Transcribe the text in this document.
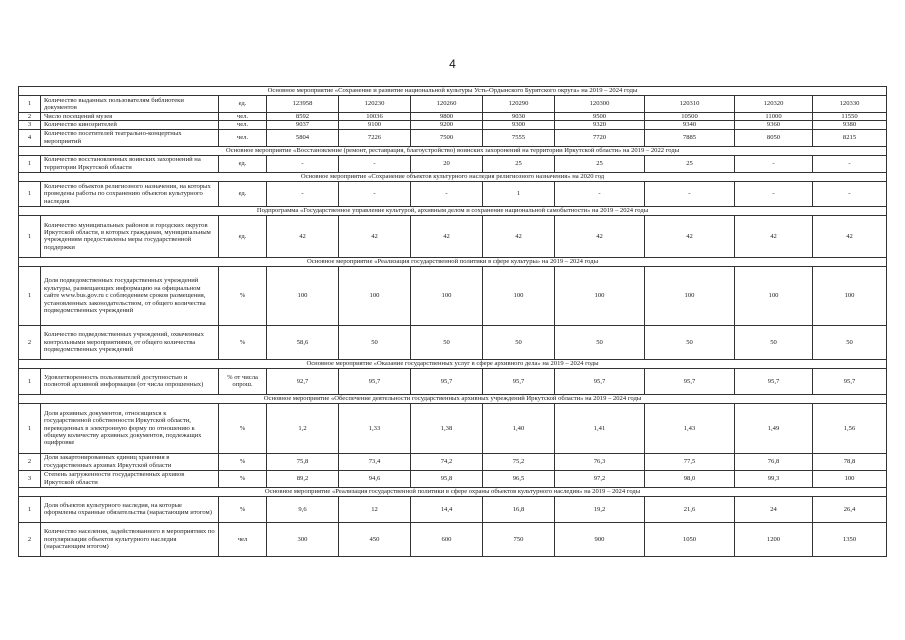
4
Основное мероприятие «Сохранение и развитие национальной культуры Усть-Ордынского Бурятского округа» на 2019 – 2024 годы										
1	Количество выданных пользователям библиотеки документов	ед.	123958	120230	120260	120290	120300	120310	120320	120330
2	Число посещений музея	чел.	8592	10036	9800	9030	9500	10500	11000	11550
3	Количество кинозрителей	чел.	9037	9100	9200	9300	9320	9340	9360	9380
4	Количество посетителей театрально-концертных мероприятий	чел.	5804	7226	7500	7555	7720	7885	8050	8215
Основное мероприятие «Восстановление (ремонт, реставрация, благоустройство) воинских захоронений на территории Иркутской области» на 2019 – 2022 годы										
1	Количество восстановленных воинских захоронений на территории Иркутской области	ед.	-	-	20	25	25	25	-	-
Основное мероприятие «Сохранение объектов культурного наследия религиозного назначения» на 2020 год										
1	Количество объектов религиозного назначения, на которых проведены работы по сохранению объектов культурного наследия	ед.	-	-	-	1	-	-	-	-
Подпрограмма «Государственное управление культурой, архивным делом и сохранение национальной самобытности» на 2019 – 2024 годы										
1	Количество муниципальных районов и городских округов Иркутской области, в которых гражданам, муниципальным учреждениям предоставлены меры государственной поддержки	ед.	42	42	42	42	42	42	42	42
Основное мероприятие «Реализация государственной политики в сфере культуры» на 2019 – 2024 годы										
1	Доля подведомственных государственных учреждений культуры, размещающих информацию на официальном сайте www.bus.gov.ru с соблюдением сроков размещения, установленных законодательством, от общего количества подведомственных учреждений	%	100	100	100	100	100	100	100	100
2	Количество подведомственных учреждений, охваченных контрольными мероприятиями, от общего количества подведомственных учреждений	%	58,6	50	50	50	50	50	50	50
Основное мероприятие «Оказание государственных услуг в сфере архивного дела» на 2019 – 2024 годы										
1	Удовлетворенность пользователей доступностью и полнотой архивной информации (от числа опрошенных)	% от числа опрош.	92,7	95,7	95,7	95,7	95,7	95,7	95,7	95,7
Основное мероприятие «Обеспечение деятельности государственных архивных учреждений Иркутской области» на 2019 – 2024 годы										
1	Доля архивных документов, относящихся к государственной собственности Иркутской области, переведенных в электронную форму по отношению к общему количеству архивных документов, подлежащих оцифровке	%	1,2	1,33	1,38	1,40	1,41	1,43	1,49	1,56
2	Доля закартонированных единиц хранения в государственных архивах Иркутской области	%	75,8	73,4	74,2	75,2	76,3	77,5	76,8	78,8
3	Степень загруженности государственных архивов Иркутской области	%	89,2	94,6	95,8	96,5	97,2	98,0	99,3	100
Основное мероприятие «Реализация государственной политики в сфере охраны объектов культурного наследия» на 2019 – 2024 годы										
1	Доля объектов культурного наследия, на которые оформлены охранные обязательства (нарастающим итогом)	%	9,6	12	14,4	16,8	19,2	21,6	24	26,4
2	Количество населения, задействованного в мероприятиях по популяризации объектов культурного наследия (нарастающим итогом)	чел	300	450	600	750	900	1050	1200	1350
